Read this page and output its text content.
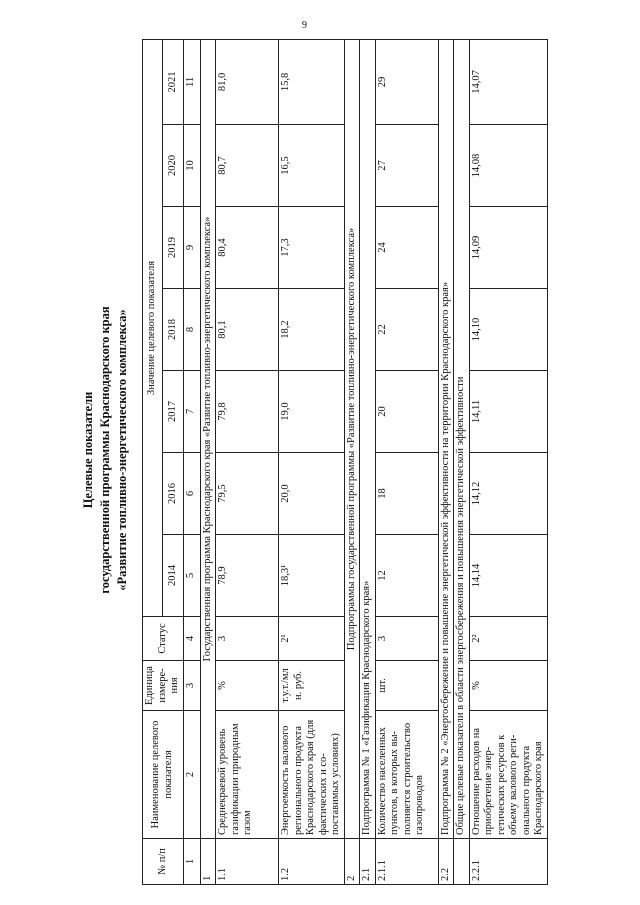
9
Целевые показатели государственной программы Краснодарского края «Развитие топливно-энергетического комплекса»
№ п/п	Наименование целевого показателя	Единица измере-ния	Статус	Значение целевого показателя						
				2014	2016	2017	2018	2019	2020	2021
1	2	3	4	5	6	7	8	9	10	11
1	Государственная программа Краснодарского края «Развитие топливно-энергетического комплекса»									
1.1	Среднекраевой уровень газификации природным газом	%	3	78,9	79,5	79,8	80,1	80,4	80,7	81,0
1.2	Энергоемкость валового регионального продукта Краснодарского края (для фактических и со-поставимых условиях)	т.у.т./мл н. руб.	2¹	18,3¹	20,0	19,0	18,2	17,3	16,5	15,8
2	Подпрограммы государственной программы «Развитие топливно-энергетического комплекса»									
2.1	Подпрограмма № 1 «Газификация Краснодарского края»									
2.1.1	Количество населенных пунктов, в которых вы-полняется строительство газопроводов	шт.	3	12	18	20	22	24	27	29
2.2	Подпрограмма № 2 «Энергосбережение и повышение энергетической эффективности на территории Краснодарского края»									
	Общие целевые показатели в области энергосбережения и повышения энергетической эффективности									
2.2.1	Отношение расходов на приобретение энер-гетических ресурсов к объему валового реги-онального продукта Краснодарского края	%	2²	14,14	14,12	14,11	14,10	14,09	14,08	14,07
